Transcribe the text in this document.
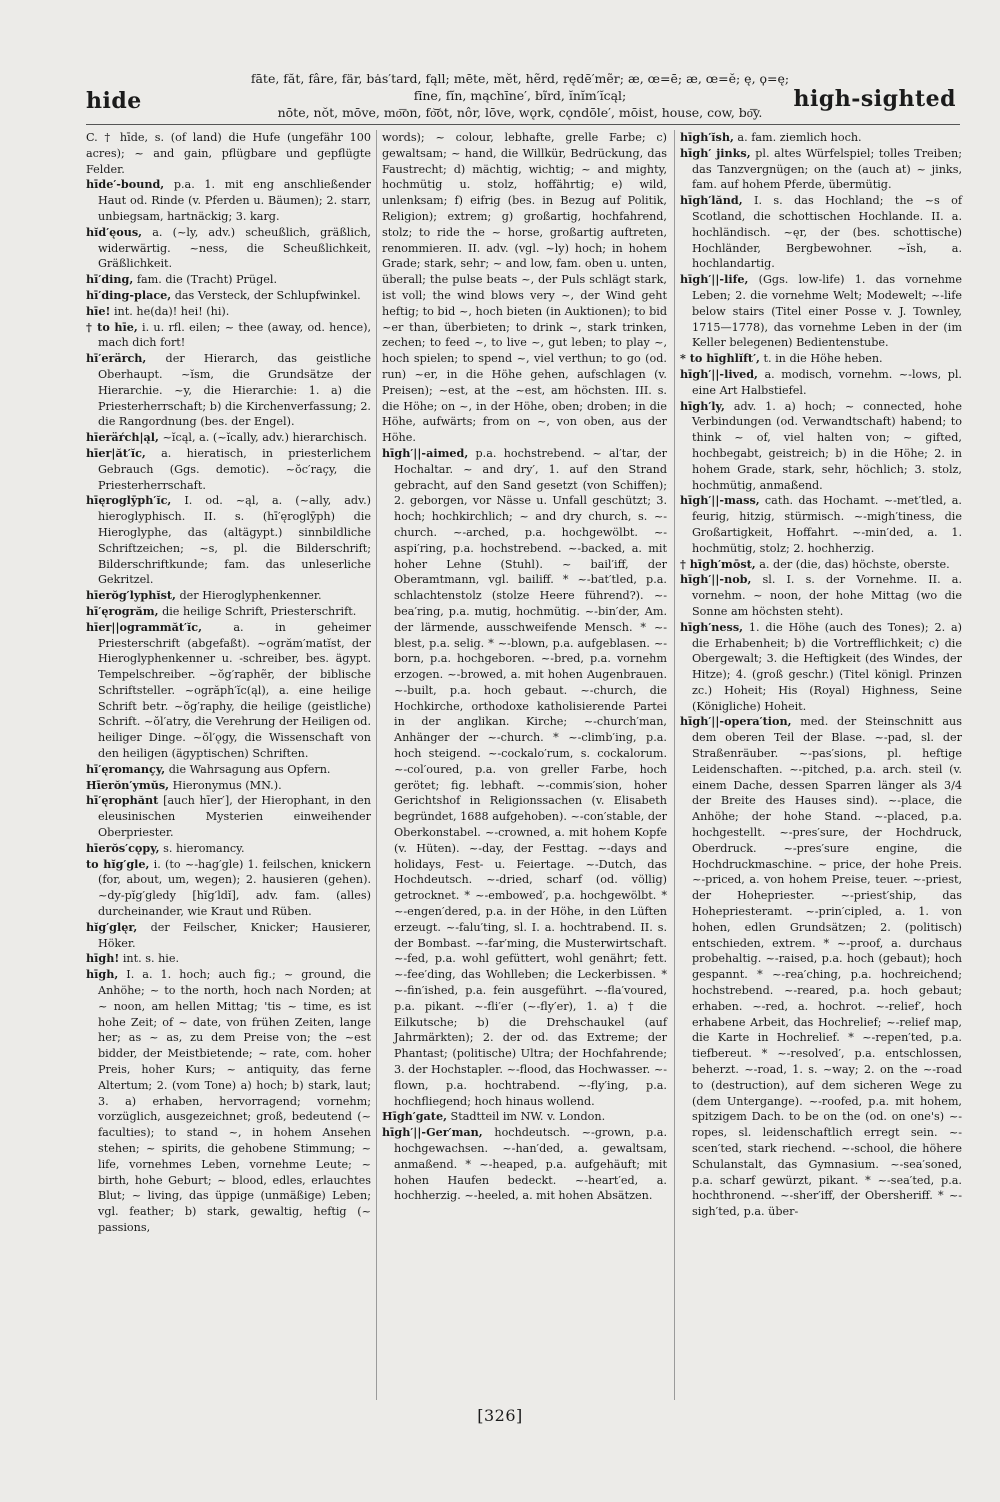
hide
fāte, făt, fâre, fär, bȧs′tard, fąll; mēte, mĕt, hẽrd, rędē′mẽr; æ, œ=ē; æ, œ=ĕ; ę, ϙ=ę;
fīne, fĭn, mąchīne′, bĩrd, ĭnĭm′ĭcąl;
nōte, nŏt, mōve, mo͞on, fo͝ot, nôr, lōve, wǫrk, cǫndōle′, mōist, house, cow, bo͞y.
high-sighted

C. † hīde, s. (of land) die Hufe (ungefähr 100 acres); ~ and gain, pflügbare und gepflügte Felder.

hīde′-bound, p.a. 1. mit eng anschließender Haut od. Rinde (v. Pferden u. Bäumen); 2. starr, unbiegsam, hartnäckig; 3. karg.

hĭd′ęous, a. (~ly, adv.) scheußlich, gräßlich, widerwärtig. ~ness, die Scheußlichkeit, Gräßlichkeit.

hī′ding, fam. die (Tracht) Prügel.

hī′ding-place, das Versteck, der Schlupfwinkel.

hīe! int. he(da)! hei! (hi).

† to hīe, i. u. rfl. eilen; ~ thee (away, od. hence), mach dich fort!

hī′erärch, der Hierarch, das geistliche Oberhaupt. ~ĭsm, die Grundsätze der Hierarchie. ~y, die Hierarchie: 1. a) die Priesterherrschaft; b) die Kirchenverfassung; 2. die Rangordnung (bes. der Engel).

hīeräŕch|ąl, ~ĭcąl, a. (~ĭcally, adv.) hierarchisch.

hīer|ăt′ĭc, a. hieratisch, in priesterlichem Gebrauch (Ggs. demotic). ~ŏc′raçy, die Priesterherrschaft.

hīęroglȳph′ĭc, I. od. ~ąl, a. (~ally, adv.) hieroglyphisch. II. s. (hī′ęroglȳph) die Hieroglyphe, das (altägypt.) sinnbildliche Schriftzeichen; ~s, pl. die Bilderschrift; Bilderschriftkunde; fam. das unleserliche Gekritzel.

hīerŏg′lyphĭst, der Hieroglyphenkenner.

hī′ęrogrăm, die heilige Schrift, Priesterschrift.

hīer||ogrammăt′ĭc, a. in geheimer Priesterschrift (abgefaßt). ~ogrăm′matĭst, der Hieroglyphenkenner u. -schreiber, bes. ägypt. Tempelschreiber. ~ŏg′raphẽr, der biblische Schriftsteller. ~ogrăph′ĭc(ąl), a. eine heilige Schrift betr. ~ŏg′raphy, die heilige (geistliche) Schrift. ~ŏl′atry, die Verehrung der Heiligen od. heiliger Dinge. ~ŏl′ǫgy, die Wissenschaft von den heiligen (ägyptischen) Schriften.

hī′ęromançy, die Wahrsagung aus Opfern.

Hīerŏn′ymŭs, Hieronymus (MN.).

hī′ęrophănt [auch hīer′], der Hierophant, in den eleusinischen Mysterien einweihender Oberpriester.

hīerŏs′cǫpy, s. hieromancy.

to hĭg′gle, i. (to ~-hag′gle) 1. feilschen, knickern (for, about, um, wegen); 2. hausieren (gehen). ~dy-pĭg′gledy [hĭg′ldĭ], adv. fam. (alles) durcheinander, wie Kraut und Rüben.

hĭg′glęr, der Feilscher, Knicker; Hausierer, Höker.

hīgh! int. s. hie.

hīgh, I. a. 1. hoch; auch fig.; ~ ground, die Anhöhe; ~ to the north, hoch nach Norden; at ~ noon, am hellen Mittag; 'tis ~ time, es ist hohe Zeit; of ~ date, von frühen Zeiten, lange her; as ~ as, zu dem Preise von; the ~est bidder, der Meistbietende; ~ rate, com. hoher Preis, hoher Kurs; ~ antiquity, das ferne Altertum; 2. (vom Tone) a) hoch; b) stark, laut; 3. a) erhaben, hervorragend; vornehm; vorzüglich, ausgezeichnet; groß, bedeutend (~ faculties); to stand ~, in hohem Ansehen stehen; ~ spirits, die gehobene Stimmung; ~ life, vornehmes Leben, vornehme Leute; ~ birth, hohe Geburt; ~ blood, edles, erlauchtes Blut; ~ living, das üppige (unmäßige) Leben; vgl. feather; b) stark, gewaltig, heftig (~ passions,

words); ~ colour, lebhafte, grelle Farbe; c) gewaltsam; ~ hand, die Willkür, Bedrückung, das Faustrecht; d) mächtig, wichtig; ~ and mighty, hochmütig u. stolz, hoffährtig; e) wild, unlenksam; f) eifrig (bes. in Bezug auf Politik, Religion); extrem; g) großartig, hochfahrend, stolz; to ride the ~ horse, großartig auftreten, renommieren. II. adv. (vgl. ~ly) hoch; in hohem Grade; stark, sehr; ~ and low, fam. oben u. unten, überall; the pulse beats ~, der Puls schlägt stark, ist voll; the wind blows very ~, der Wind geht heftig; to bid ~, hoch bieten (in Auktionen); to bid ~er than, überbieten; to drink ~, stark trinken, zechen; to feed ~, to live ~, gut leben; to play ~, hoch spielen; to spend ~, viel verthun; to go (od. run) ~er, in die Höhe gehen, aufschlagen (v. Preisen); ~est, at the ~est, am höchsten. III. s. die Höhe; on ~, in der Höhe, oben; droben; in die Höhe, aufwärts; from on ~, von oben, aus der Höhe.

hīgh′||-aimed, p.a. hochstrebend. ~ al′tar, der Hochaltar. ~ and dry′, 1. auf den Strand gebracht, auf den Sand gesetzt (von Schiffen); 2. geborgen, vor Nässe u. Unfall geschützt; 3. hoch; hochkirchlich; ~ and dry church, s. ~-church. ~-arched, p.a. hochgewölbt. ~-aspi′ring, p.a. hochstrebend. ~-backed, a. mit hoher Lehne (Stuhl). ~ bail′iff, der Oberamtmann, vgl. bailiff. * ~-bat′tled, p.a. schlachtenstolz (stolze Heere führend?). ~-bea′ring, p.a. mutig, hochmütig. ~-bin′der, Am. der lärmende, ausschweifende Mensch. * ~-blest, p.a. selig. * ~-blown, p.a. aufgeblasen. ~-born, p.a. hochgeboren. ~-bred, p.a. vornehm erzogen. ~-browed, a. mit hohen Augenbrauen. ~-built, p.a. hoch gebaut. ~-church, die Hochkirche, orthodoxe katholisierende Partei in der anglikan. Kirche; ~-church′man, Anhänger der ~-church. * ~-climb′ing, p.a. hoch steigend. ~-cockalo′rum, s. cockalorum. ~-col′oured, p.a. von greller Farbe, hoch gerötet; fig. lebhaft. ~-commis′sion, hoher Gerichtshof in Religionssachen (v. Elisabeth begründet, 1688 aufgehoben). ~-con′stable, der Oberkonstabel. ~-crowned, a. mit hohem Kopfe (v. Hüten). ~-day, der Festtag. ~-days and holidays, Fest- u. Feiertage. ~-Dutch, das Hochdeutsch. ~-dried, scharf (od. völlig) getrocknet. * ~-embowed′, p.a. hochgewölbt. * ~-engen′dered, p.a. in der Höhe, in den Lüften erzeugt. ~-falu′ting, sl. I. a. hochtrabend. II. s. der Bombast. ~-far′ming, die Musterwirtschaft. ~-fed, p.a. wohl gefüttert, wohl genährt; fett. ~-fee′ding, das Wohlleben; die Leckerbissen. * ~-fin′ished, p.a. fein ausgeführt. ~-fla′voured, p.a. pikant. ~-fli′er (~-fly′er), 1. a) † die Eilkutsche; b) die Drehschaukel (auf Jahrmärkten); 2. der od. das Extreme; der Phantast; (politische) Ultra; der Hochfahrende; 3. der Hochstapler. ~-flood, das Hochwasser. ~-flown, p.a. hochtrabend. ~-fly′ing, p.a. hochfliegend; hoch hinaus wollend.

Hīgh′gate, Stadtteil im NW. v. London.

hīgh′||-Ger′man, hochdeutsch. ~-grown, p.a. hochgewachsen. ~-han′ded, a. gewaltsam, anmaßend. * ~-heaped, p.a. aufgehäuft; mit hohen Haufen bedeckt. ~-heart′ed, a. hochherzig. ~-heeled, a. mit hohen Absätzen.

hīgh′ĭsh, a. fam. ziemlich hoch.

hīgh′ jinks, pl. altes Würfelspiel; tolles Treiben; das Tanzvergnügen; on the (auch at) ~ jinks, fam. auf hohem Pferde, übermütig.

hīgh′lănd, I. s. das Hochland; the ~s of Scotland, die schottischen Hochlande. II. a. hochländisch. ~ęr, der (bes. schottische) Hochländer, Bergbewohner. ~ĭsh, a. hochlandartig.

hīgh′||-life, (Ggs. low-life) 1. das vornehme Leben; 2. die vornehme Welt; Modewelt; ~-life below stairs (Titel einer Posse v. J. Townley, 1715—1778), das vornehme Leben in der (im Keller belegenen) Bedientenstube.

* to hīghlĭft′, t. in die Höhe heben.

hīgh′||-lived, a. modisch, vornehm. ~-lows, pl. eine Art Halbstiefel.

hīgh′ly, adv. 1. a) hoch; ~ connected, hohe Verbindungen (od. Verwandtschaft) habend; to think ~ of, viel halten von; ~ gifted, hochbegabt, geistreich; b) in die Höhe; 2. in hohem Grade, stark, sehr, höchlich; 3. stolz, hochmütig, anmaßend.

hīgh′||-mass, cath. das Hochamt. ~-met′tled, a. feurig, hitzig, stürmisch. ~-migh′tiness, die Großartigkeit, Hoffahrt. ~-min′ded, a. 1. hochmütig, stolz; 2. hochherzig.

† hīgh′mōst, a. der (die, das) höchste, oberste.

hīgh′||-nob, sl. I. s. der Vornehme. II. a. vornehm. ~ noon, der hohe Mittag (wo die Sonne am höchsten steht).

hīgh′ness, 1. die Höhe (auch des Tones); 2. a) die Erhabenheit; b) die Vortrefflichkeit; c) die Obergewalt; 3. die Heftigkeit (des Windes, der Hitze); 4. (groß geschr.) (Titel königl. Prinzen zc.) Hoheit; His (Royal) Highness, Seine (Königliche) Hoheit.

hīgh′||-opera′tion, med. der Steinschnitt aus dem oberen Teil der Blase. ~-pad, sl. der Straßenräuber. ~-pas′sions, pl. heftige Leidenschaften. ~-pitched, p.a. arch. steil (v. einem Dache, dessen Sparren länger als 3/4 der Breite des Hauses sind). ~-place, die Anhöhe; der hohe Stand. ~-placed, p.a. hochgestellt. ~-pres′sure, der Hochdruck, Oberdruck. ~-pres′sure engine, die Hochdruckmaschine. ~ price, der hohe Preis. ~-priced, a. von hohem Preise, teuer. ~-priest, der Hohepriester. ~-priest′ship, das Hohepriesteramt. ~-prin′cipled, a. 1. von hohen, edlen Grundsätzen; 2. (politisch) entschieden, extrem. * ~-proof, a. durchaus probehaltig. ~-raised, p.a. hoch (gebaut); hoch gespannt. * ~-rea′ching, p.a. hochreichend; hochstrebend. ~-reared, p.a. hoch gebaut; erhaben. ~-red, a. hochrot. ~-relief′, hoch erhabene Arbeit, das Hochrelief; ~-relief map, die Karte in Hochrelief. * ~-repen′ted, p.a. tiefbereut. * ~-resolved′, p.a. entschlossen, beherzt. ~-road, 1. s. ~way; 2. on the ~-road to (destruction), auf dem sicheren Wege zu (dem Untergange). ~-roofed, p.a. mit hohem, spitzigem Dach. to be on the (od. on one's) ~-ropes, sl. leidenschaftlich erregt sein. ~-scen′ted, stark riechend. ~-school, die höhere Schulanstalt, das Gymnasium. ~-sea′soned, p.a. scharf gewürzt, pikant. * ~-sea′ted, p.a. hochthronend. ~-sher′iff, der Obersheriff. * ~-sigh′ted, p.a. über-

[326]
